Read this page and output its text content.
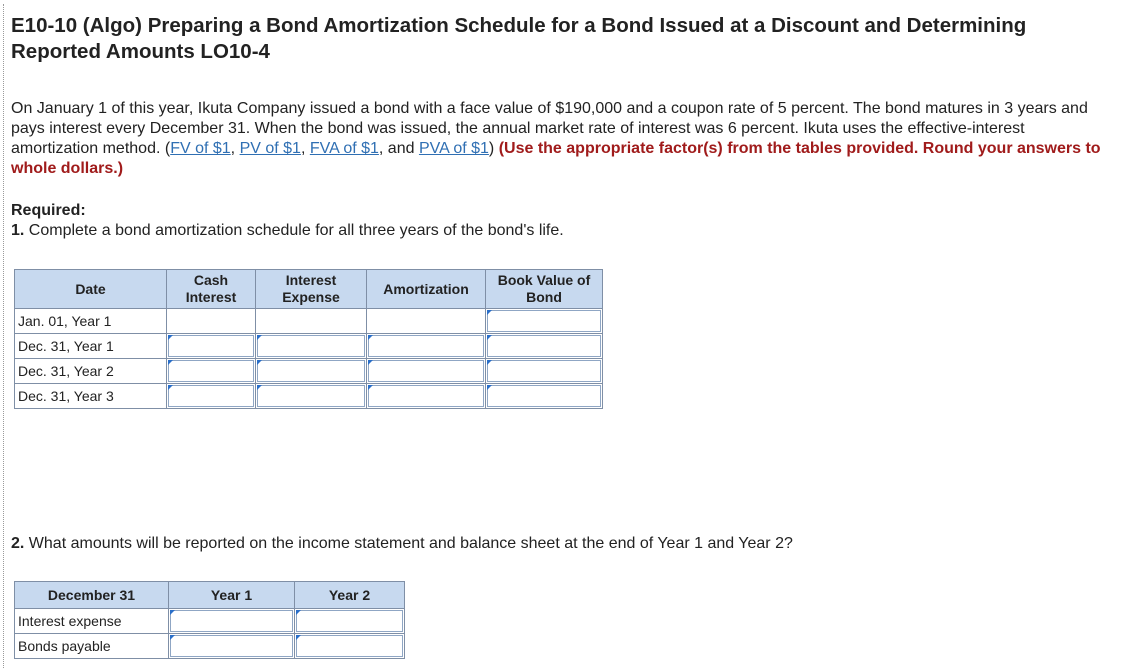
E10-10 (Algo) Preparing a Bond Amortization Schedule for a Bond Issued at a Discount and Determining Reported Amounts LO10-4
On January 1 of this year, Ikuta Company issued a bond with a face value of $190,000 and a coupon rate of 5 percent. The bond matures in 3 years and pays interest every December 31. When the bond was issued, the annual market rate of interest was 6 percent. Ikuta uses the effective-interest amortization method. (FV of $1, PV of $1, FVA of $1, and PVA of $1) (Use the appropriate factor(s) from the tables provided. Round your answers to whole dollars.)
Required:
1. Complete a bond amortization schedule for all three years of the bond's life.
Date	Cash Interest	Interest Expense	Amortization	Book Value of Bond
Jan. 01, Year 1				

Dec. 31, Year 1	

Dec. 31, Year 2	

Dec. 31, Year 3	

2. What amounts will be reported on the income statement and balance sheet at the end of Year 1 and Year 2?
December 31	Year 1	Year 2
Interest expense	

Bonds payable	
